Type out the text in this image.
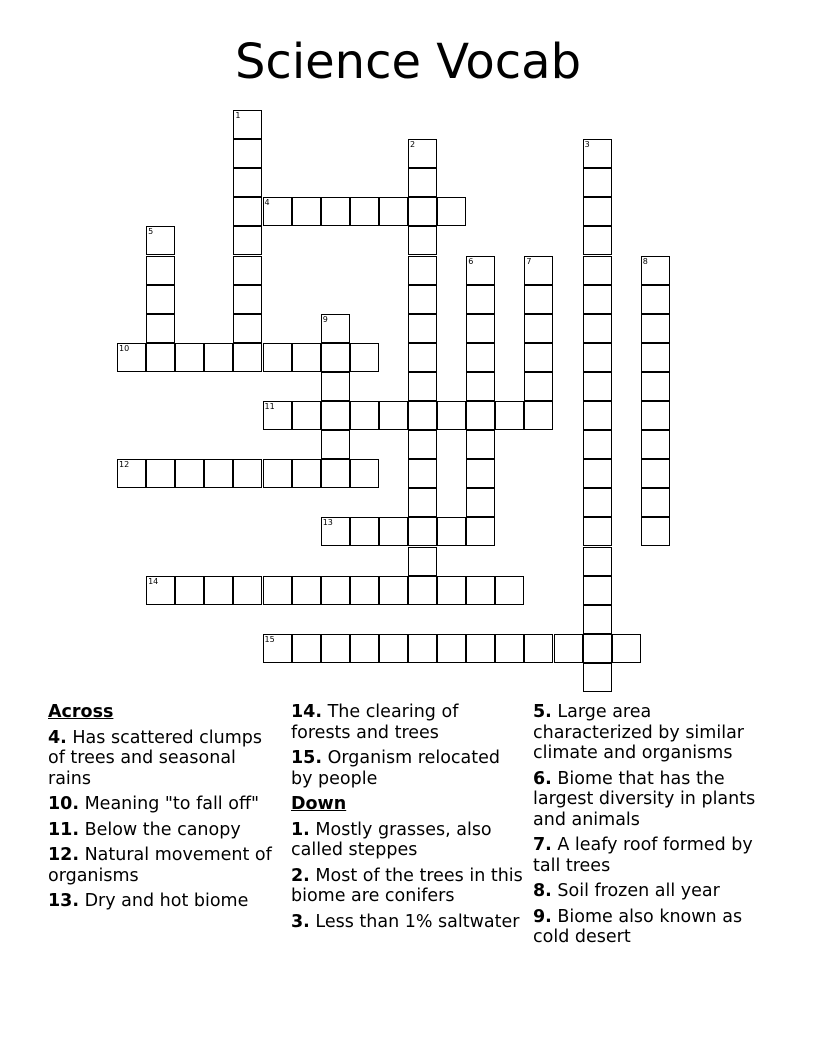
Science Vocab
1
2	3
4
5
6	7	8
9
10
11
12
13
14
15
Across
4. Has scattered clumps of trees and seasonal rains
10. Meaning "to fall off"
11. Below the canopy
12. Natural movement of organisms
13. Dry and hot biome
14. The clearing of forests and trees
15. Organism relocated by people
Down
1. Mostly grasses, also called steppes
2. Most of the trees in this biome are conifers
3. Less than 1% saltwater
5. Large area characterized by similar climate and organisms
6. Biome that has the largest diversity in plants and animals
7. A leafy roof formed by tall trees
8. Soil frozen all year
9. Biome also known as cold desert
